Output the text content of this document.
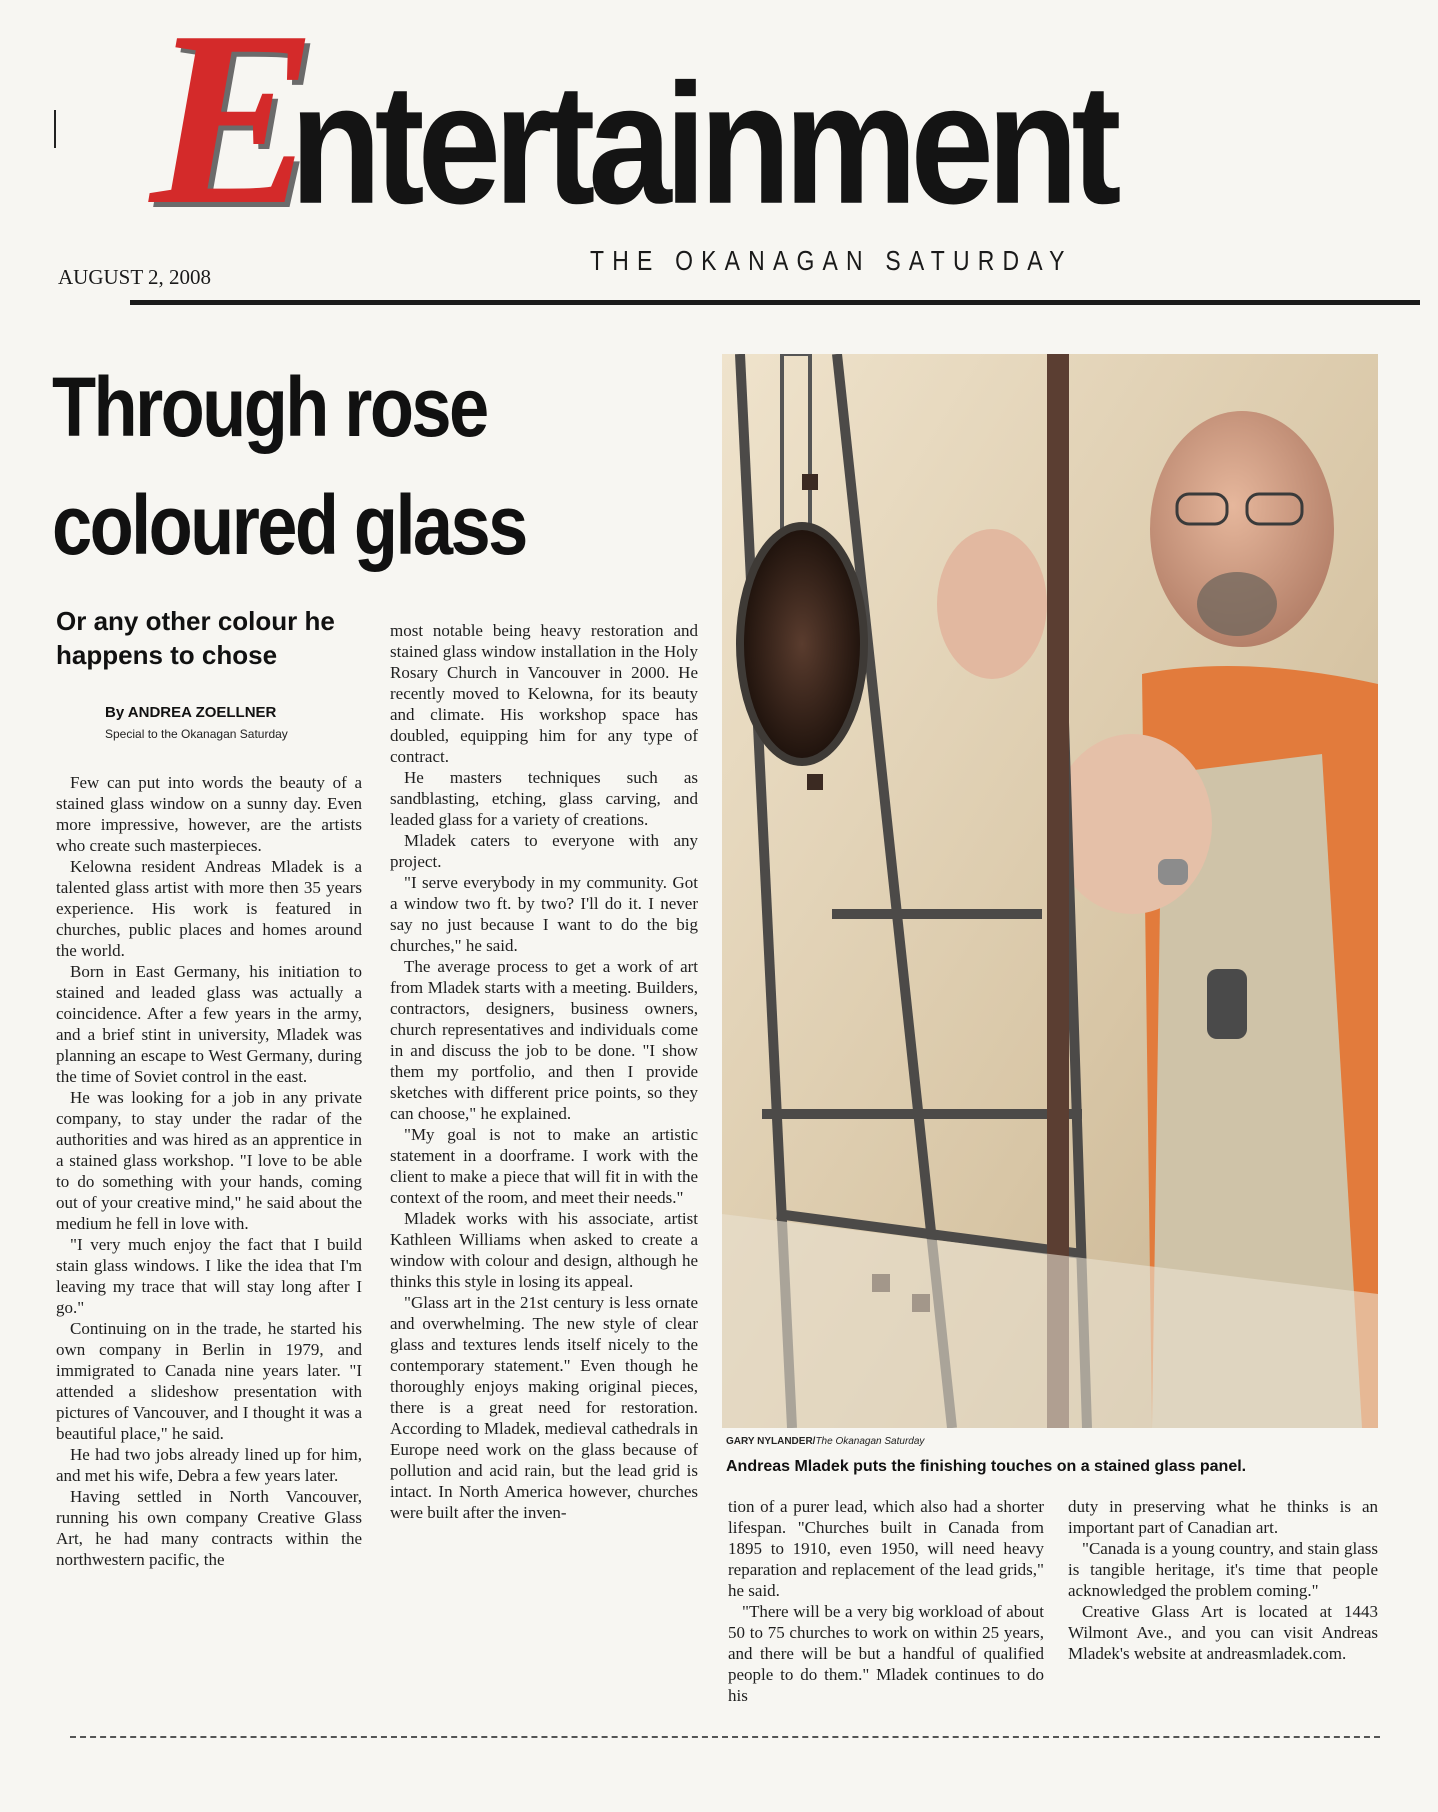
E
ntertainment
AUGUST 2, 2008
THE OKANAGAN SATURDAY
Through rose
coloured glass
Or any other colour he happens to chose
By ANDREA ZOELLNER
Special to the Okanagan Saturday

Few can put into words the beauty of a stained glass window on a sunny day. Even more impressive, however, are the artists who create such masterpieces.

Kelowna resident Andreas Mladek is a talented glass artist with more then 35 years experience. His work is featured in churches, public places and homes around the world.

Born in East Germany, his initiation to stained and leaded glass was actually a coincidence. After a few years in the army, and a brief stint in university, Mladek was planning an escape to West Germany, during the time of Soviet control in the east.

He was looking for a job in any private company, to stay under the radar of the authorities and was hired as an apprentice in a stained glass workshop. "I love to be able to do something with your hands, coming out of your creative mind," he said about the medium he fell in love with.

"I very much enjoy the fact that I build stain glass windows. I like the idea that I'm leaving my trace that will stay long after I go."

Continuing on in the trade, he started his own company in Berlin in 1979, and immigrated to Canada nine years later. "I attended a slideshow presentation with pictures of Vancouver, and I thought it was a beautiful place," he said.

He had two jobs already lined up for him, and met his wife, Debra a few years later.

Having settled in North Vancouver, running his own company Creative Glass Art, he had many contracts within the northwestern pacific, the

most notable being heavy restoration and stained glass window installation in the Holy Rosary Church in Vancouver in 2000. He recently moved to Kelowna, for its beauty and climate. His workshop space has doubled, equipping him for any type of contract.

He masters techniques such as sandblasting, etching, glass carving, and leaded glass for a variety of creations.

Mladek caters to everyone with any project.

"I serve everybody in my community. Got a window two ft. by two? I'll do it. I never say no just because I want to do the big churches," he said.

The average process to get a work of art from Mladek starts with a meeting. Builders, contractors, designers, business owners, church representatives and individuals come in and discuss the job to be done. "I show them my portfolio, and then I provide sketches with different price points, so they can choose," he explained.

"My goal is not to make an artistic statement in a doorframe. I work with the client to make a piece that will fit in with the context of the room, and meet their needs."

Mladek works with his associate, artist Kathleen Williams when asked to create a window with colour and design, although he thinks this style in losing its appeal.

"Glass art in the 21st century is less ornate and overwhelming. The new style of clear glass and textures lends itself nicely to the contemporary statement." Even though he thoroughly enjoys making original pieces, there is a great need for restoration. According to Mladek, medieval cathedrals in Europe need work on the glass because of pollution and acid rain, but the lead grid is intact. In North America however, churches were built after the inven-

GARY NYLANDER/The Okanagan Saturday
Andreas Mladek puts the finishing touches on a stained glass panel.

tion of a purer lead, which also had a shorter lifespan. "Churches built in Canada from 1895 to 1910, even 1950, will need heavy reparation and replacement of the lead grids," he said.

"There will be a very big workload of about 50 to 75 churches to work on within 25 years, and there will be but a handful of qualified people to do them." Mladek continues to do his

duty in preserving what he thinks is an important part of Canadian art.

"Canada is a young country, and stain glass is tangible heritage, it's time that people acknowledged the problem coming."

Creative Glass Art is located at 1443 Wilmont Ave., and you can visit Andreas Mladek's website at andreasmladek.com.
